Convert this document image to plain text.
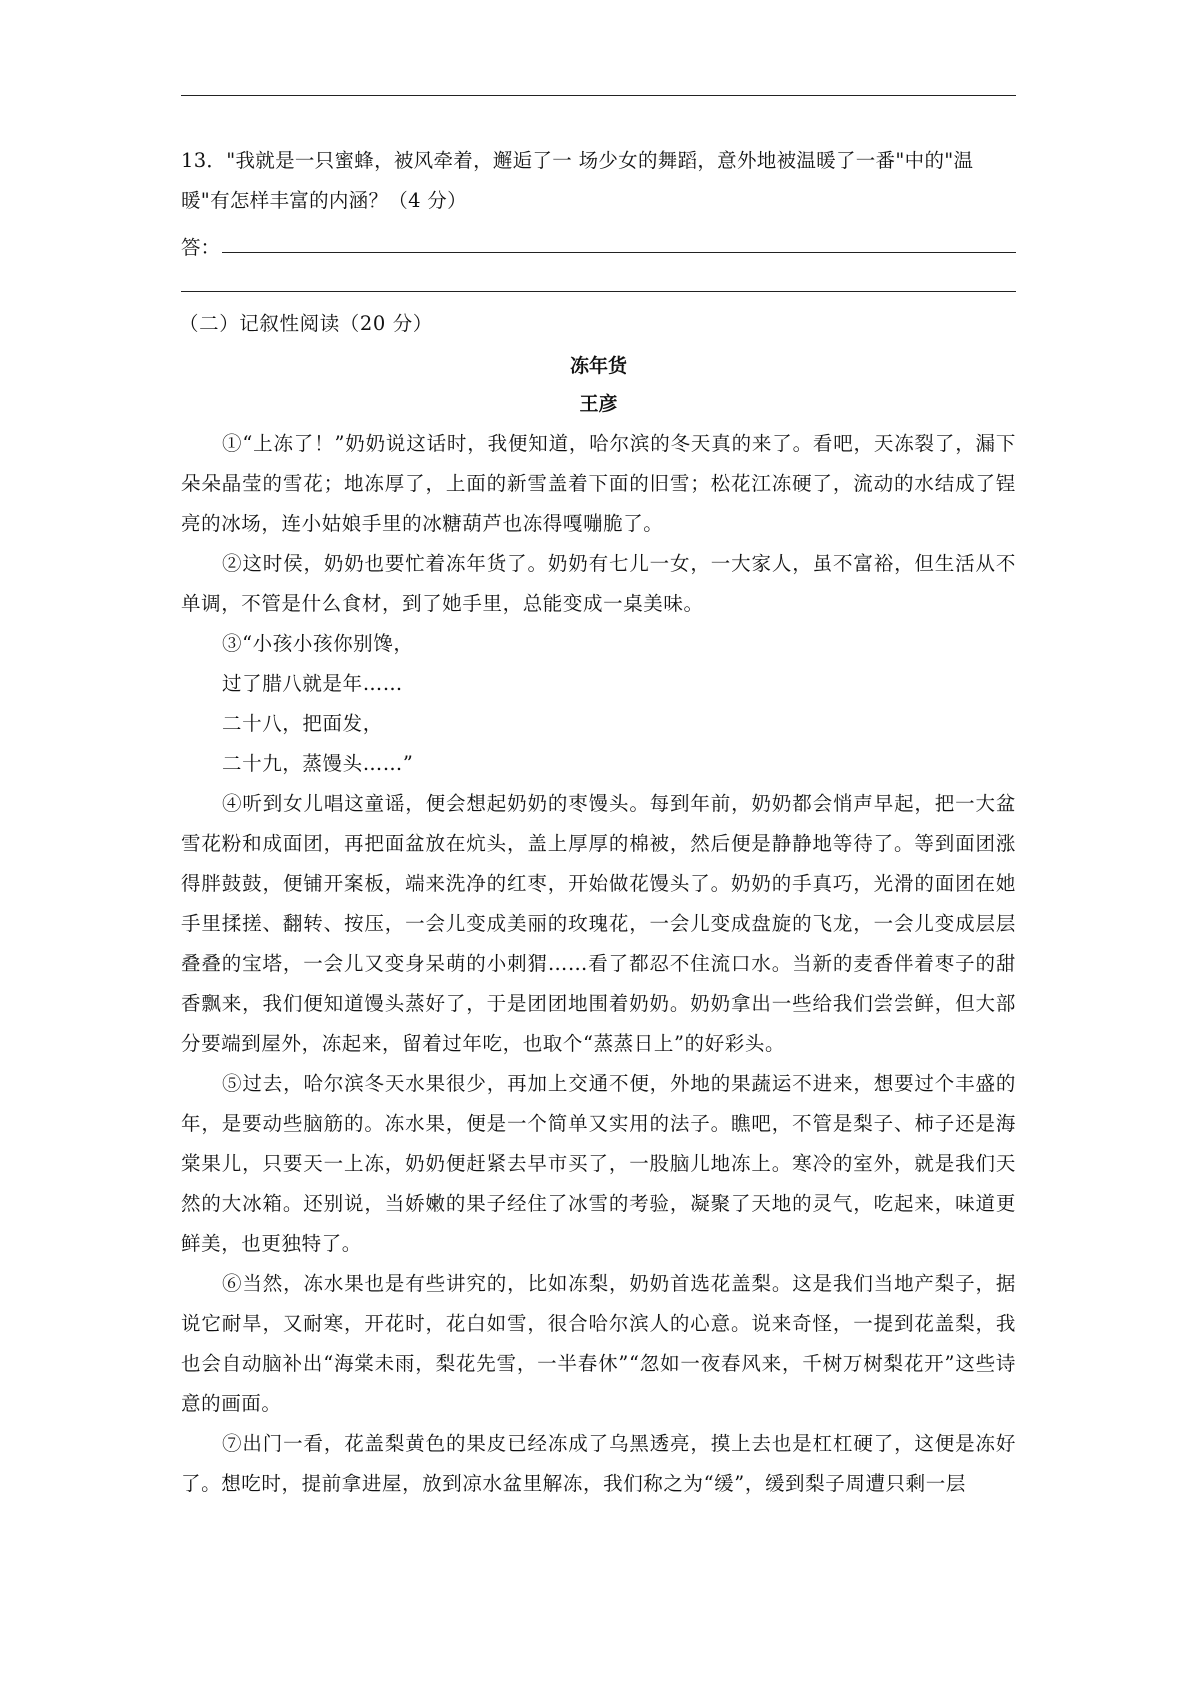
13．"我就是一只蜜蜂，被风牵着，邂逅了一 场少女的舞蹈，意外地被温暖了一番"中的"温
暖"有怎样丰富的内涵？（4 分）
答：
（二）记叙性阅读（20 分）
冻年货
王彦

①“上冻了！”奶奶说这话时，我便知道，哈尔滨的冬天真的来了。看吧，天冻裂了，漏下朵朵晶莹的雪花；地冻厚了，上面的新雪盖着下面的旧雪；松花江冻硬了，流动的水结成了锃亮的冰场，连小姑娘手里的冰糖葫芦也冻得嘎嘣脆了。

②这时侯，奶奶也要忙着冻年货了。奶奶有七儿一女，一大家人，虽不富裕，但生活从不单调，不管是什么食材，到了她手里，总能变成一桌美味。

③“小孩小孩你别馋，

过了腊八就是年……

二十八，把面发，

二十九，蒸馒头……”

④听到女儿唱这童谣，便会想起奶奶的枣馒头。每到年前，奶奶都会悄声早起，把一大盆雪花粉和成面团，再把面盆放在炕头，盖上厚厚的棉被，然后便是静静地等待了。等到面团涨得胖鼓鼓，便铺开案板，端来洗净的红枣，开始做花馒头了。奶奶的手真巧，光滑的面团在她手里揉搓、翻转、按压，一会儿变成美丽的玫瑰花，一会儿变成盘旋的飞龙，一会儿变成层层叠叠的宝塔，一会儿又变身呆萌的小刺猬……看了都忍不住流口水。当新的麦香伴着枣子的甜香飘来，我们便知道馒头蒸好了，于是团团地围着奶奶。奶奶拿出一些给我们尝尝鲜，但大部分要端到屋外，冻起来，留着过年吃，也取个“蒸蒸日上”的好彩头。

⑤过去，哈尔滨冬天水果很少，再加上交通不便，外地的果蔬运不进来，想要过个丰盛的年，是要动些脑筋的。冻水果，便是一个简单又实用的法子。瞧吧，不管是梨子、柿子还是海棠果儿，只要天一上冻，奶奶便赶紧去早市买了，一股脑儿地冻上。寒冷的室外，就是我们天然的大冰箱。还别说，当娇嫩的果子经住了冰雪的考验，凝聚了天地的灵气，吃起来，味道更鲜美，也更独特了。

⑥当然，冻水果也是有些讲究的，比如冻梨，奶奶首选花盖梨。这是我们当地产梨子，据说它耐旱，又耐寒，开花时，花白如雪，很合哈尔滨人的心意。说来奇怪，一提到花盖梨，我也会自动脑补出“海棠未雨，梨花先雪，一半春休”“忽如一夜春风来，千树万树梨花开”这些诗意的画面。

⑦出门一看，花盖梨黄色的果皮已经冻成了乌黑透亮，摸上去也是杠杠硬了，这便是冻好了。想吃时，提前拿进屋，放到凉水盆里解冻，我们称之为“缓”，缓到梨子周遭只剩一层
